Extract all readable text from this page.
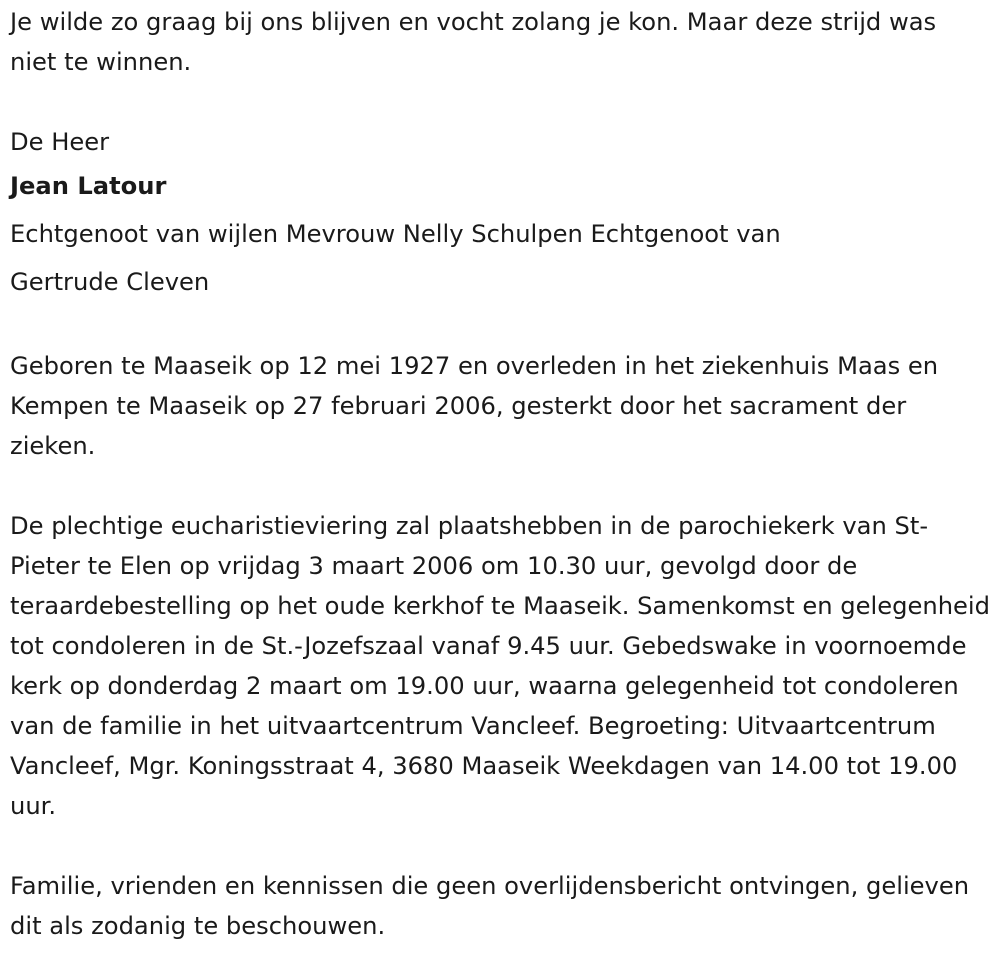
Je wilde zo graag bij ons blijven en vocht zolang je kon. Maar deze strijd was niet te winnen.

De Heer

Jean Latour

Echtgenoot van wijlen Mevrouw Nelly Schulpen Echtgenoot van

Gertrude Cleven

Geboren te Maaseik op 12 mei 1927 en overleden in het ziekenhuis Maas en Kempen te Maaseik op 27 februari 2006, gesterkt door het sacrament der zieken.

De plechtige eucharistieviering zal plaatshebben in de parochiekerk van St-Pieter te Elen op vrijdag 3 maart 2006 om 10.30 uur, gevolgd door de teraardebestelling op het oude kerkhof te Maaseik. Samenkomst en gelegenheid tot condoleren in de St.-Jozefszaal vanaf 9.45 uur. Gebedswake in voornoemde kerk op donderdag 2 maart om 19.00 uur, waarna gelegenheid tot condoleren van de familie in het uitvaartcentrum Vancleef. Begroeting: Uitvaartcentrum Vancleef, Mgr. Koningsstraat 4, 3680 Maaseik Weekdagen van 14.00 tot 19.00 uur.

Familie, vrienden en kennissen die geen overlijdensbericht ontvingen, gelieven dit als zodanig te beschouwen.
